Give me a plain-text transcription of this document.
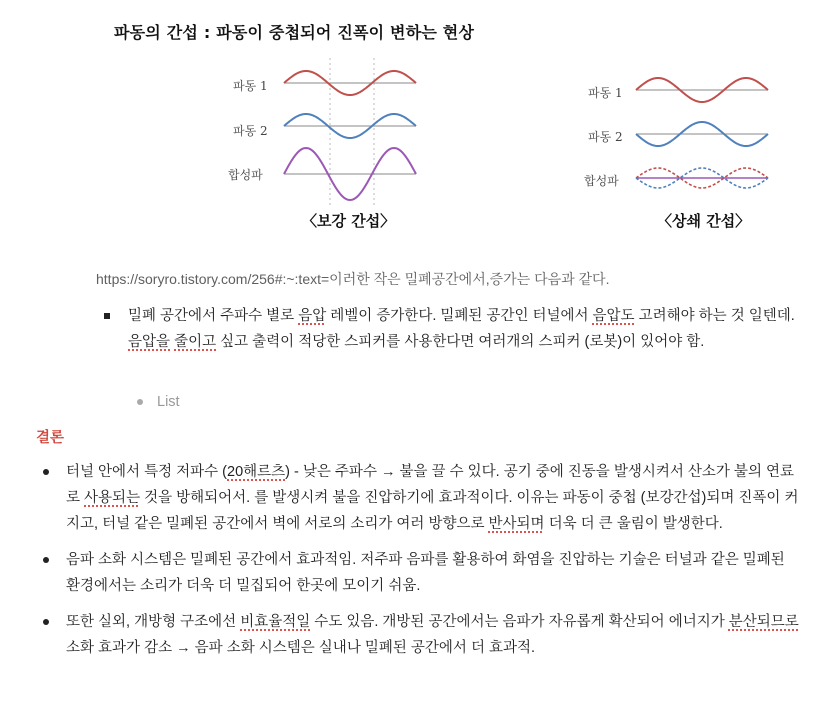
파동의 간섭 : 파동이 중첩되어 진폭이 변하는 현상
파동 1
파동 2
합성파
〈보강 간섭〉
파동 1
파동 2
합성파
〈상쇄 간섭〉

https://soryro.tistory.com/256#:~:text=이러한 작은 밀폐공간에서,증가는 다음과 같다.

밀폐 공간에서 주파수 별로 음압 레벨이 증가한다. 밀폐된 공간인 터널에서 음압도 고려해야 하는 것 일텐데. 음압을 줄이고 싶고 출력이 적당한 스피커를 사용한다면 여러개의 스피커 (로봇)이 있어야 함.
List
결론
터널 안에서 특정 저파수 (20해르츠) - 낮은 주파수 → 불을 끌 수 있다. 공기 중에 진동을 발생시켜서 산소가 불의 연료로 사용되는 것을 방해되어서. 를 발생시켜 불을 진압하기에 효과적이다. 이유는 파동이 중첩 (보강간섭)되며 진폭이 커지고, 터널 같은 밀폐된 공간에서 벽에 서로의 소리가 여러 방향으로 반사되며 더욱 더 큰 울림이 발생한다.
음파 소화 시스템은 밀폐된 공간에서 효과적임. 저주파 음파를 활용하여 화염을 진압하는 기술은 터널과 같은 밀폐된 환경에서는 소리가 더욱 더 밀집되어 한곳에 모이기 쉬움.
또한 실외, 개방형 구조에선 비효율적일 수도 있음. 개방된 공간에서는 음파가 자유롭게 확산되어 에너지가 분산되므로 소화 효과가 감소 → 음파 소화 시스템은 실내나 밀폐된 공간에서 더 효과적.
